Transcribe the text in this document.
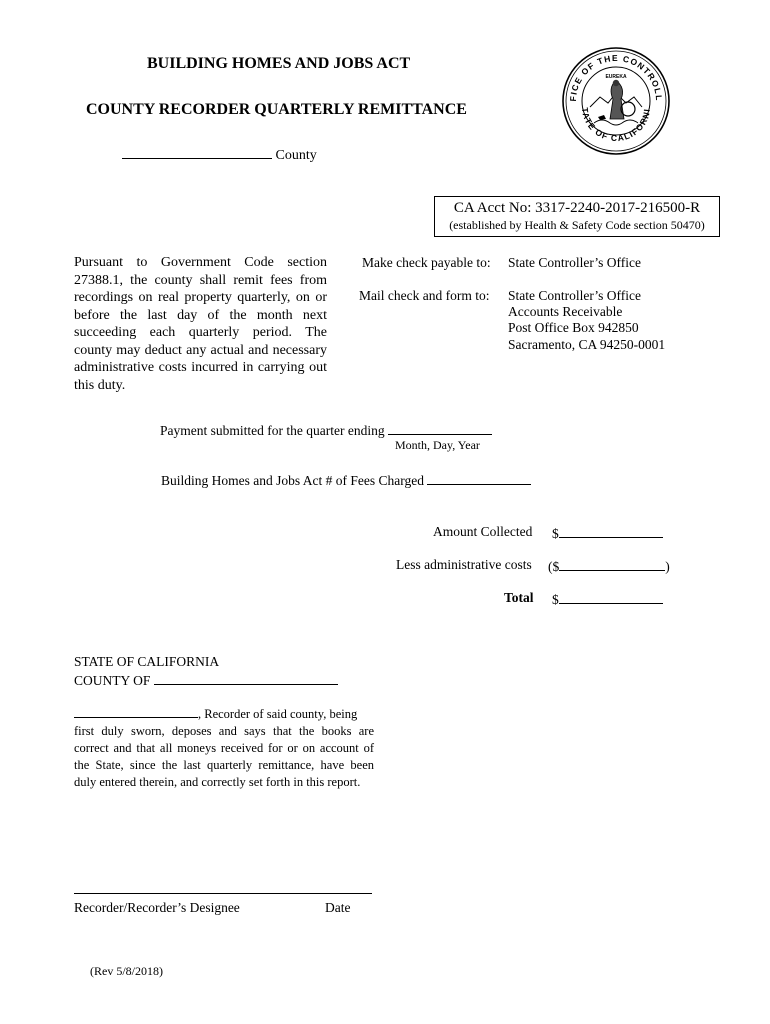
BUILDING HOMES AND JOBS ACT
COUNTY RECORDER QUARTERLY REMITTANCE
County
FICE OF THE CONTROLL
TATE OF CALIFORNI
EUREKA
CA Acct No: 3317-2240-2017-216500-R
(established by Health & Safety Code section 50470)
Pursuant to Government Code section 27388.1, the county shall remit fees from recordings on real property quarterly, on or before the last day of the month next succeeding each quarterly period. The county may deduct any actual and necessary administrative costs incurred in carrying out this duty.
Make check payable to: State Controller’s Office
Mail check and form to: State Controller’s Office
Accounts Receivable
Post Office Box 942850
Sacramento, CA 94250-0001
Payment submitted for the quarter ending
Month, Day, Year
Building Homes and Jobs Act # of Fees Charged
Amount Collected $
Less administrative costs ($	)
Total $
STATE OF CALIFORNIA
COUNTY OF
, Recorder of said county, being
first duly sworn, deposes and says that the books are correct and that all moneys received for or on account of the State, since the last quarterly remittance, have been duly entered therein, and correctly set forth in this report.
Recorder/Recorder’s Designee	Date
(Rev 5/8/2018)
